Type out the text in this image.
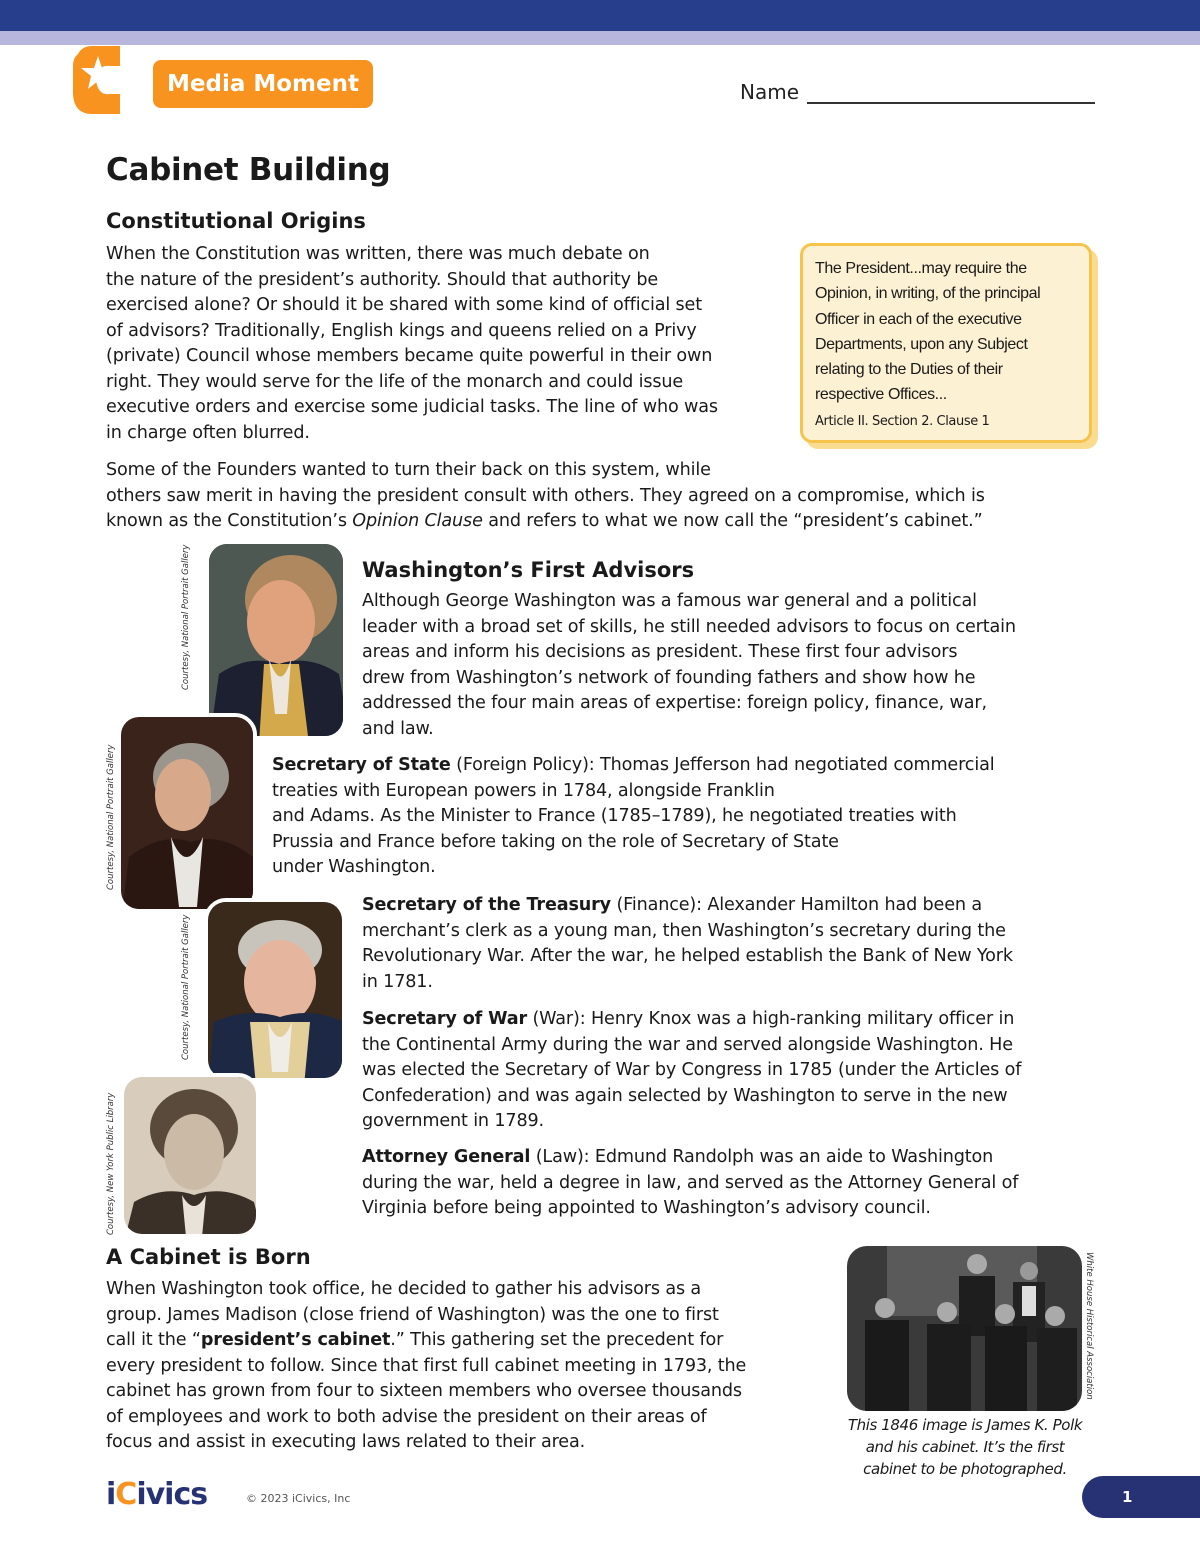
Media Moment	Name
Cabinet Building
Constitutional Origins
When the Constitution was written, there was much debate on
the nature of the president’s authority. Should that authority be
exercised alone? Or should it be shared with some kind of official set
of advisors? Traditionally, English kings and queens relied on a Privy
(private) Council whose members became quite powerful in their own
right. They would serve for the life of the monarch and could issue
executive orders and exercise some judicial tasks. The line of who was
in charge often blurred.
The President...may require the
Opinion, in writing, of the principal
Officer in each of the executive
Departments, upon any Subject
relating to the Duties of their
respective Offices...
Article II. Section 2. Clause 1
Some of the Founders wanted to turn their back on this system, while
others saw merit in having the president consult with others. They agreed on a compromise, which is
known as the Constitution’s Opinion Clause and refers to what we now call the “president’s cabinet.”
Courtesy, National Portrait Gallery
Courtesy, National Portrait Gallery
Courtesy, National Portrait Gallery
Courtesy, New York Public Library
Washington’s First Advisors
Although George Washington was a famous war general and a political
leader with a broad set of skills, he still needed advisors to focus on certain
areas and inform his decisions as president. These first four advisors
drew from Washington’s network of founding fathers and show how he
addressed the four main areas of expertise: foreign policy, finance, war,
and law.
Secretary of State (Foreign Policy): Thomas Jefferson had negotiated commercial
treaties with European powers in 1784, alongside Franklin
and Adams. As the Minister to France (1785–1789), he negotiated treaties with
Prussia and France before taking on the role of Secretary of State
under Washington.
Secretary of the Treasury (Finance): Alexander Hamilton had been a
merchant’s clerk as a young man, then Washington’s secretary during the
Revolutionary War. After the war, he helped establish the Bank of New York
in 1781.
Secretary of War (War): Henry Knox was a high-ranking military officer in
the Continental Army during the war and served alongside Washington. He
was elected the Secretary of War by Congress in 1785 (under the Articles of
Confederation) and was again selected by Washington to serve in the new
government in 1789.
Attorney General (Law): Edmund Randolph was an aide to Washington
during the war, held a degree in law, and served as the Attorney General of
Virginia before being appointed to Washington’s advisory council.
A Cabinet is Born
When Washington took office, he decided to gather his advisors as a
group. James Madison (close friend of Washington) was the one to first
call it the “president’s cabinet.” This gathering set the precedent for
every president to follow. Since that first full cabinet meeting in 1793, the
cabinet has grown from four to sixteen members who oversee thousands
of employees and work to both advise the president on their areas of
focus and assist in executing laws related to their area.
White House Historical Association
This 1846 image is James K. Polk
and his cabinet. It’s the first
cabinet to be photographed.
iCivics	© 2023 iCivics, Inc	1
